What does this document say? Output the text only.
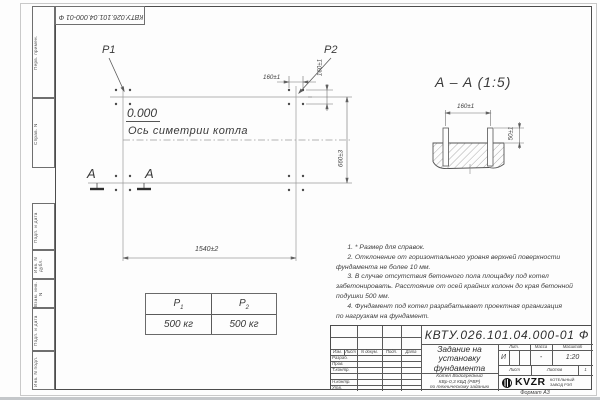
КВТУ.026.101.04.000-01 Ф
Перв. примен.
Справ. N
Подп. и дата
Инв. N дубл.
Взам. инв. N
Подп. и дата
Инв. N подл.
P1	P2
0.000
Ось симетрии котла
160±1
160±1
660±3
1540±2
A	A
A – A (1:5)
160±1
50±1
1. * Размер для справок.
2. Отклонение от горизонтального уровня верхней поверхности
фундамента не более 10 мм.
3. В случае отсутствия бетонного пола площадку под котел
забетонировать. Расстояние от осей крайних колонн до края бетонной
подушки 500 мм.
4. Фундамент под котел разрабатывает проектная организация
по нагрузкам на фундамент.
$P_1$	$P_2$
500 кг	500 кг
КВТУ.026.101.04.000-01 Ф
Изм. Лист	N докум.	Подп.	Дата
Разраб.
Пров.
Т.контр.
Н.контр.
Утв.
Задание на
установку
фундамента
Котел Водогрейный
КВр-0,3 КБД (РВР)
по техническому заданию
Лит.	Масса	Масштаб
И	-	1:20
Лист	Листов	1
KVZR КОТЕЛЬНЫЙ
ЗАВОД РЭП
Формат А3
